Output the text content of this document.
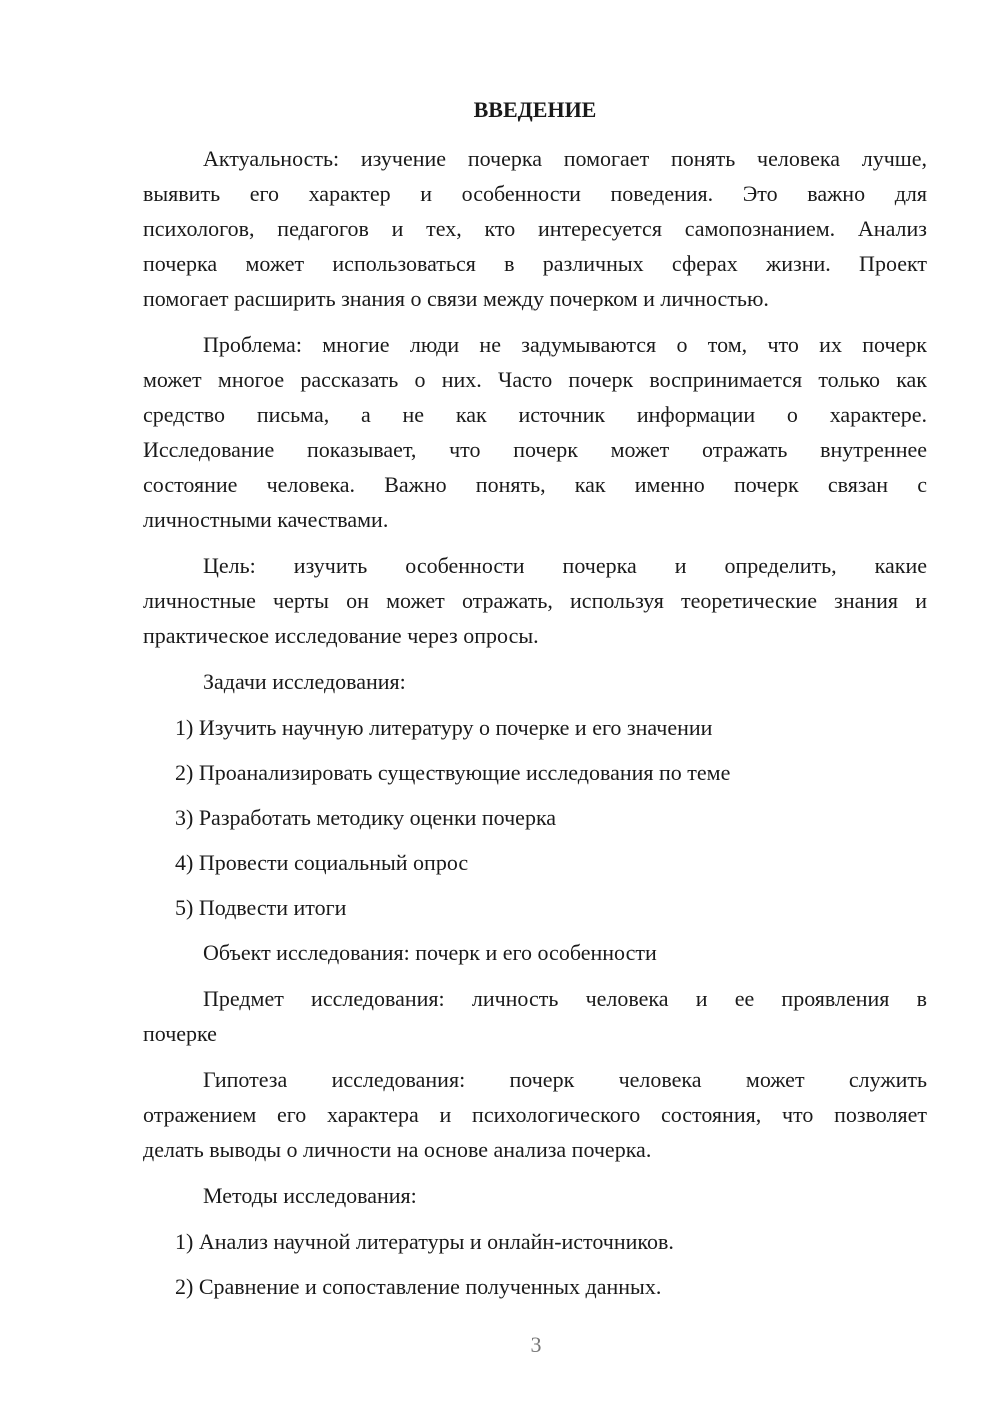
ВВЕДЕНИЕ
Актуальность: изучение почерка помогает понять человека лучше,
выявить его характер и особенности поведения. Это важно для
психологов, педагогов и тех, кто интересуется самопознанием. Анализ
почерка может использоваться в различных сферах жизни. Проект
помогает расширить знания о связи между почерком и личностью.
Проблема: многие люди не задумываются о том, что их почерк
может многое рассказать о них. Часто почерк воспринимается только как
средство письма, а не как источник информации о характере.
Исследование показывает, что почерк может отражать внутреннее
состояние человека. Важно понять, как именно почерк связан с
личностными качествами.
Цель: изучить особенности почерка и определить, какие
личностные черты он может отражать, используя теоретические знания и
практическое исследование через опросы.
Задачи исследования:
1) Изучить научную литературу о почерке и его значении
2) Проанализировать существующие исследования по теме
3) Разработать методику оценки почерка
4) Провести социальный опрос
5) Подвести итоги
Объект исследования: почерк и его особенности
Предмет исследования: личность человека и ее проявления в
почерке
Гипотеза исследования: почерк человека может служить
отражением его характера и психологического состояния, что позволяет
делать выводы о личности на основе анализа почерка.
Методы исследования:
1) Анализ научной литературы и онлайн-источников.
2) Сравнение и сопоставление полученных данных.
3
